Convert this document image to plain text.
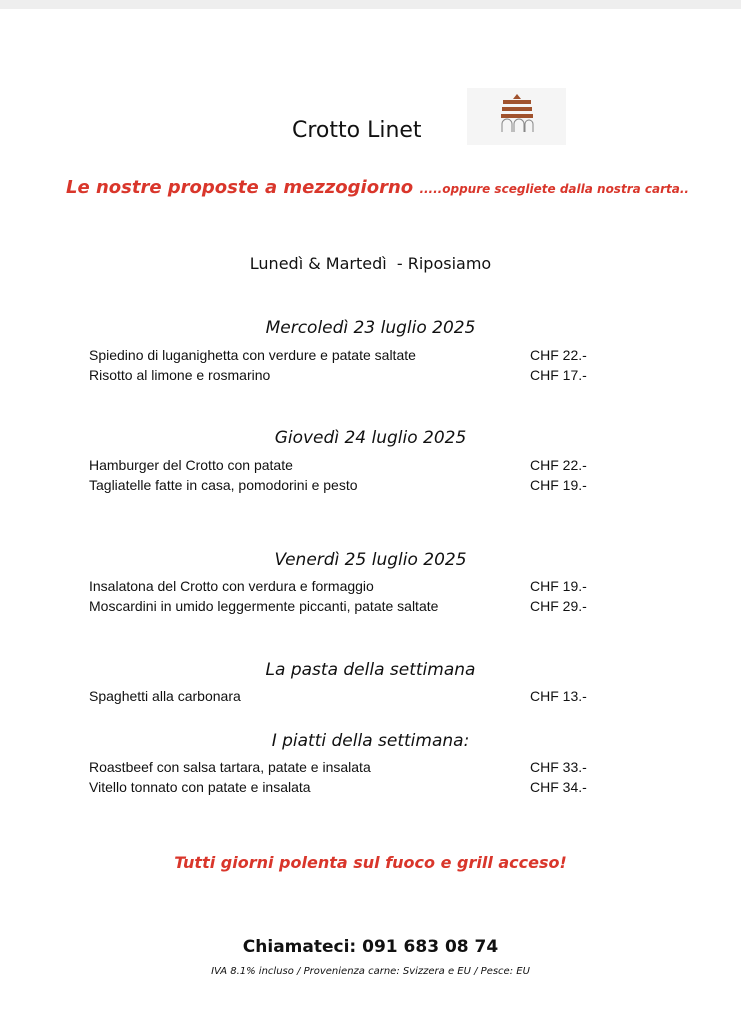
Crotto Linet
Le nostre proposte a mezzogiorno .....oppure scegliete dalla nostra carta..
Lunedì & Martedì - Riposiamo
Mercoledì 23 luglio 2025
Spiedino di luganighetta con verdure e patate saltate	CHF 22.-
Risotto al limone e rosmarino	CHF 17.-
Giovedì 24 luglio 2025
Hamburger del Crotto con patate	CHF 22.-
Tagliatelle fatte in casa, pomodorini e pesto	CHF 19.-
Venerdì 25 luglio 2025
Insalatona del Crotto con verdura e formaggio	CHF 19.-
Moscardini in umido leggermente piccanti, patate saltate	CHF 29.-
La pasta della settimana
Spaghetti alla carbonara	CHF 13.-
I piatti della settimana:
Roastbeef con salsa tartara, patate e insalata	CHF 33.-
Vitello tonnato con patate e insalata	CHF 34.-
Tutti giorni polenta sul fuoco e grill acceso!
Chiamateci: 091 683 08 74
IVA 8.1% incluso / Provenienza carne: Svizzera e EU / Pesce: EU
